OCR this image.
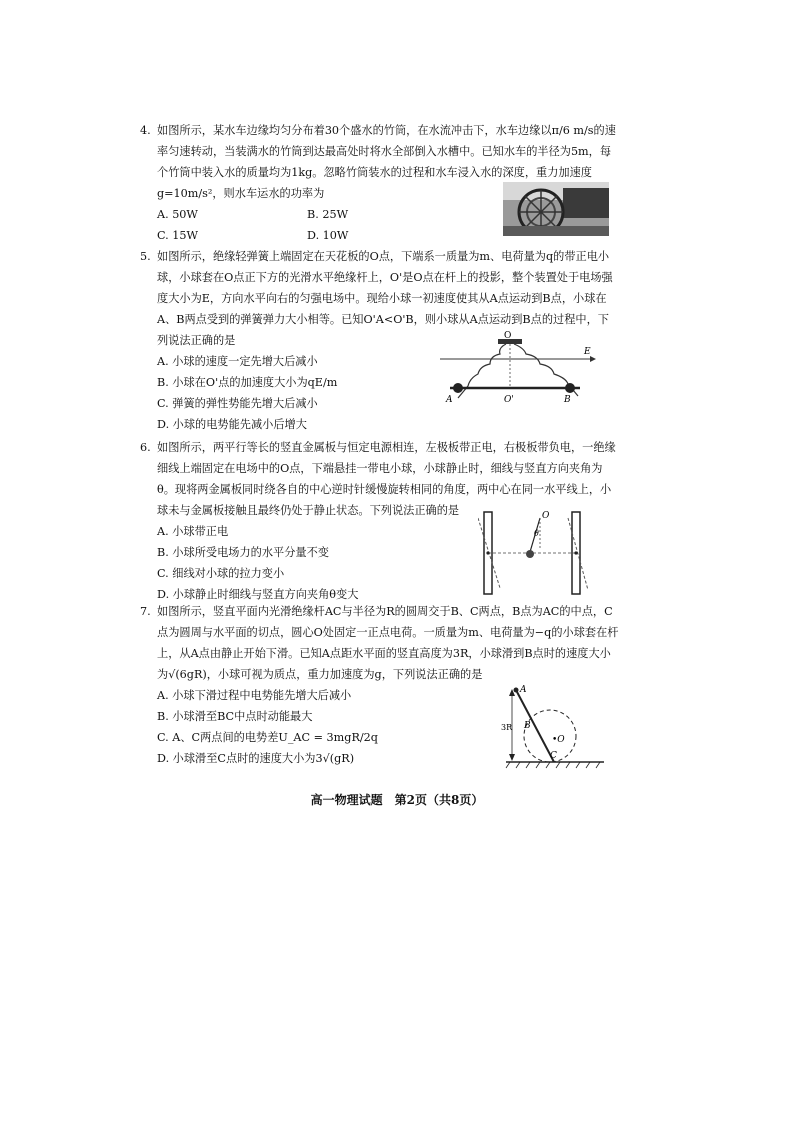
4. 如图所示，某水车边缘均匀分布着30个盛水的竹筒，在水流冲击下，水车边缘以π/6 m/s的速率匀速转动，当装满水的竹筒到达最高处时将水全部倒入水槽中。已知水车的半径为5m，每个竹筒中装入水的质量均为1kg。忽略竹筒装水的过程和水车浸入水的深度，重力加速度g=10m/s²，则水车运水的功率为

A. 50W	B. 25W
C. 15W	D. 10W

5. 如图所示，绝缘轻弹簧上端固定在天花板的O点，下端系一质量为m、电荷量为q的带正电小球，小球套在O点正下方的光滑水平绝缘杆上，O'是O点在杆上的投影，整个装置处于电场强度大小为E，方向水平向右的匀强电场中。现给小球一初速度使其从A点运动到B点，小球在A、B两点受到的弹簧弹力大小相等。已知O'A<O'B，则小球从A点运动到B点的过程中，下列说法正确的是

A. 小球的速度一定先增大后减小
B. 小球在O'点的加速度大小为qE/m
C. 弹簧的弹性势能先增大后减小
D. 小球的电势能先减小后增大
O
E
A	O'	B

6. 如图所示，两平行等长的竖直金属板与恒定电源相连，左极板带正电，右极板带负电，一绝缘细线上端固定在电场中的O点，下端悬挂一带电小球，小球静止时，细线与竖直方向夹角为θ。现将两金属板同时绕各自的中心逆时针缓慢旋转相同的角度，两中心在同一水平线上，小球未与金属板接触且最终仍处于静止状态。下列说法正确的是

A. 小球带正电
B. 小球所受电场力的水平分量不变
C. 细线对小球的拉力变小
D. 小球静止时细线与竖直方向夹角θ变大
O
θ

7. 如图所示，竖直平面内光滑绝缘杆AC与半径为R的圆周交于B、C两点，B点为AC的中点，C点为圆周与水平面的切点，圆心O处固定一正点电荷。一质量为m、电荷量为−q的小球套在杆上，从A点由静止开始下滑。已知A点距水平面的竖直高度为3R，小球滑到B点时的速度大小为√(6gR)，小球可视为质点，重力加速度为g，下列说法正确的是

A. 小球下滑过程中电势能先增大后减小
B. 小球滑至BC中点时动能最大
C. A、C两点间的电势差U_AC = 3mgR/2q
D. 小球滑至C点时的速度大小为3√(gR)
3R
A
B
C
•O
高一物理试题　第2页（共8页）
